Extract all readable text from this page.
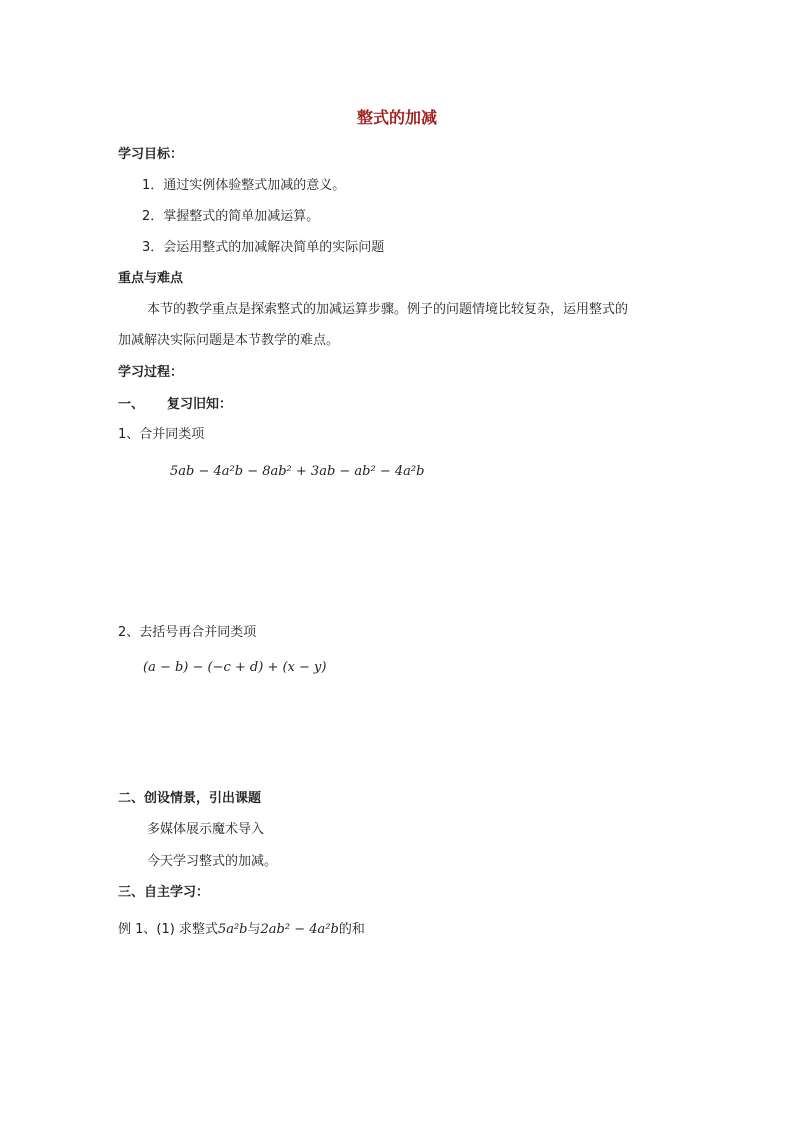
整式的加减
学习目标：
1．通过实例体验整式加减的意义。
2．掌握整式的简单加减运算。
3．会运用整式的加减解决简单的实际问题
重点与难点
本节的教学重点是探索整式的加减运算步骤。例子的问题情境比较复杂，运用整式的
加减解决实际问题是本节教学的难点。
学习过程：
一、 复习旧知：
1、合并同类项
5ab − 4a²b − 8ab² + 3ab − ab² − 4a²b
2、去括号再合并同类项
(a − b) − (−c + d) + (x − y)
二、创设情景，引出课题
多媒体展示魔术导入
今天学习整式的加减。
三、自主学习：
例 1、(1) 求整式5a²b与2ab² − 4a²b的和
